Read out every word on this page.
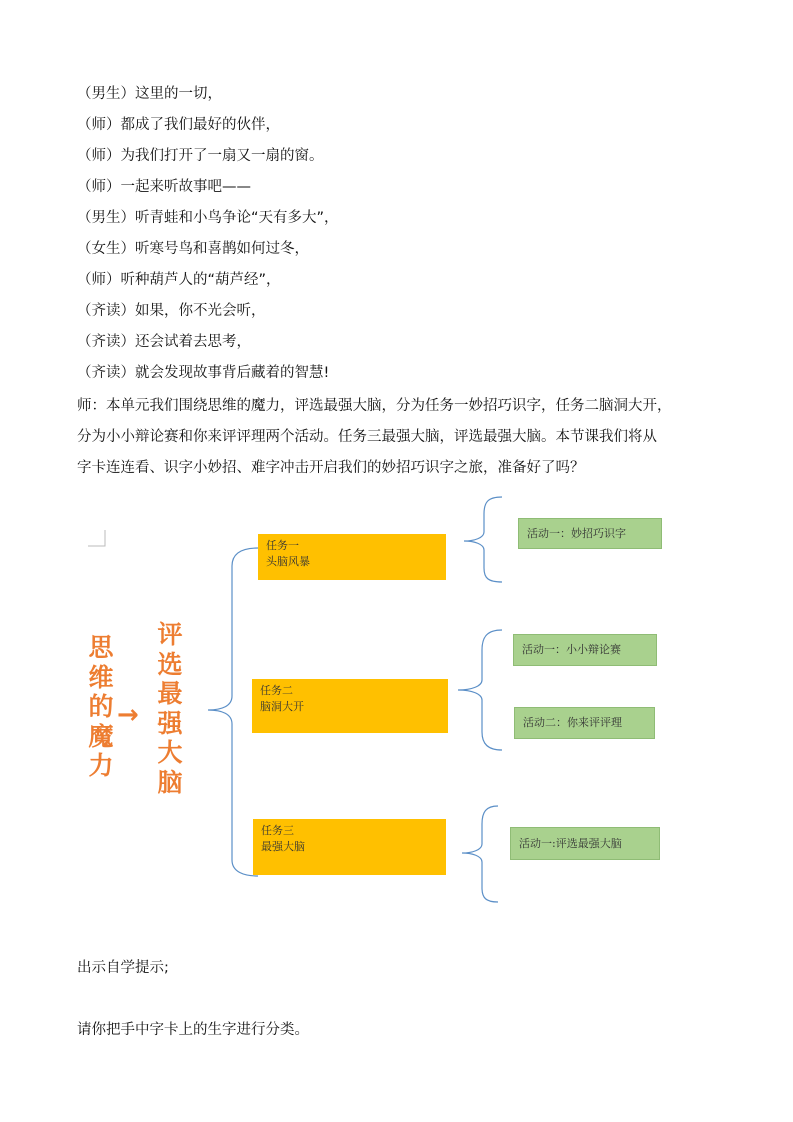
（男生）这里的一切，
（师）都成了我们最好的伙伴，
（师）为我们打开了一扇又一扇的窗。
（师）一起来听故事吧——
（男生）听青蛙和小鸟争论“天有多大”，
（女生）听寒号鸟和喜鹊如何过冬，
（师）听种葫芦人的“葫芦经”，
（齐读）如果，你不光会听，
（齐读）还会试着去思考，
（齐读）就会发现故事背后藏着的智慧!
师：本单元我们围绕思维的魔力，评选最强大脑，分为任务一妙招巧识字，任务二脑洞大开，
分为小小辩论赛和你来评评理两个活动。任务三最强大脑，评选最强大脑。本节课我们将从
字卡连连看、识字小妙招、难字冲击开启我们的妙招巧识字之旅，准备好了吗？
思
维
的
魔
力
→
评
选
最
强
大
脑
任务一
头脑风暴
任务二
脑洞大开
任务三
最强大脑
活动一：妙招巧识字
活动一：小小辩论赛
活动二：你来评评理
活动一:评选最强大脑
出示自学提示;
请你把手中字卡上的生字进行分类。
